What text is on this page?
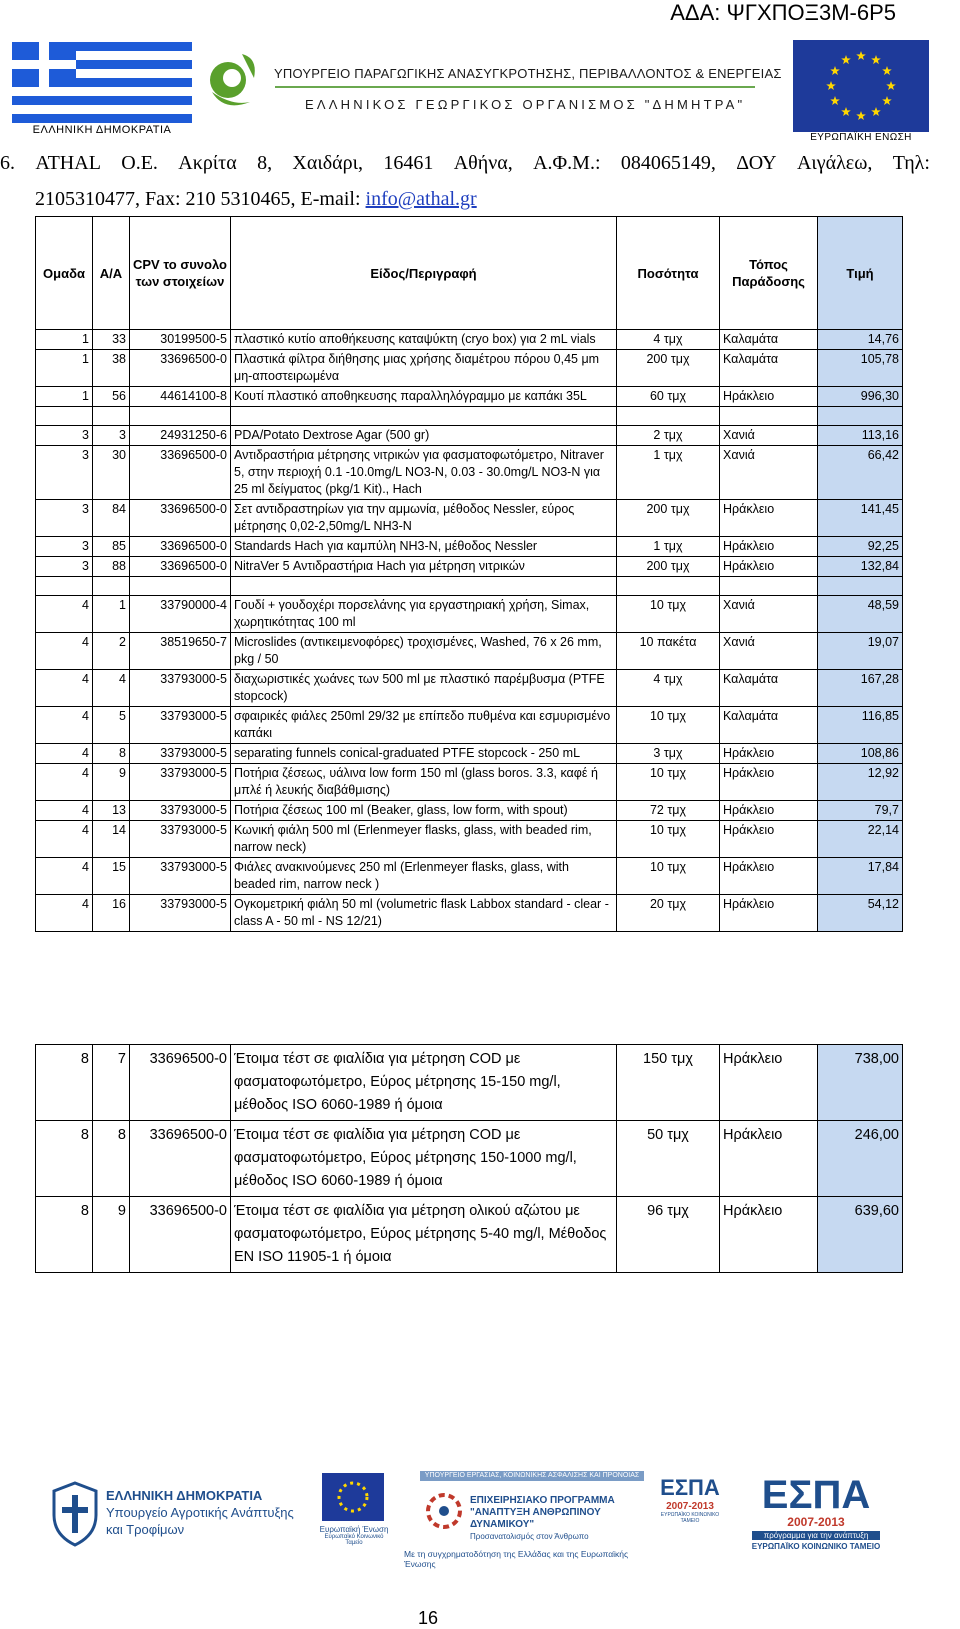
ΑΔΑ: ΨΓΧΠΟΞ3Μ-6Ρ5
ΕΛΛΗΝΙΚΗ ΔΗΜΟΚΡΑΤΙΑ
ΥΠΟΥΡΓΕΙΟ ΠΑΡΑΓΩΓΙΚΗΣ ΑΝΑΣΥΓΚΡΟΤΗΣΗΣ, ΠΕΡΙΒΑΛΛΟΝΤΟΣ & ΕΝΕΡΓΕΙΑΣ
ΕΛΛΗΝΙΚΟΣ ΓΕΩΡΓΙΚΟΣ ΟΡΓΑΝΙΣΜΟΣ "ΔΗΜΗΤΡΑ"
ΕΥΡΩΠΑΪΚΗ ΕΝΩΣΗ
6. ATHAL O.E. Ακρίτα 8, Χαιδάρι, 16461 Αθήνα, Α.Φ.Μ.: 084065149, ΔΟΥ Αιγάλεω, Τηλ:
2105310477, Fax: 210 5310465, E-mail: info@athal.gr
Ομαδα	Α/Α	CPV το συνολο των στοιχείων	Είδος/Περιγραφή	Ποσότητα	Τόπος Παράδοσης	Τιμή
1	33	30199500-5	πλαστικό κυτίο αποθήκευσης καταψύκτη (cryo box) για 2 mL vials	4 τμχ	Καλαμάτα	14,76
1	38	33696500-0	Πλαστικά φίλτρα διήθησης μιας χρήσης διαμέτρου πόρου 0,45 μm μη-αποστειρωμένα	200 τμχ	Καλαμάτα	105,78
1	56	44614100-8	Κουτί πλαστικό αποθηκευσης παραλληλόγραμμο με καπάκι 35L	60 τμχ	Ηράκλειο	996,30

3	3	24931250-6	PDA/Potato Dextrose Agar (500 gr)	2 τμχ	Χανιά	113,16
3	30	33696500-0	Αντιδραστήρια μέτρησης νιτρικών για φασματοφωτόμετρο, Nitraver 5, στην περιοχή 0.1 -10.0mg/L NO3-N, 0.03 - 30.0mg/L NO3-N για 25 ml δείγματος (pkg/1 Kit)., Hach	1 τμχ	Χανιά	66,42
3	84	33696500-0	Σετ αντιδραστηρίων για την αμμωνία, μέθοδος Nessler, εύρος μέτρησης 0,02-2,50mg/L NH3-N	200 τμχ	Ηράκλειο	141,45
3	85	33696500-0	Standards Hach για καμπύλη NH3-N, μέθοδος Nessler	1 τμχ	Ηράκλειο	92,25
3	88	33696500-0	NitraVer 5 Αντιδραστήρια Hach για μέτρηση νιτρικών	200 τμχ	Ηράκλειο	132,84

4	1	33790000-4	Γουδί + γουδοχέρι πορσελάνης για εργαστηριακή χρήση, Simax, χωρητικότητας 100 ml	10 τμχ	Χανιά	48,59
4	2	38519650-7	Microslides (αντικειμενοφόρες) τροχισμένες, Washed, 76 x 26 mm, pkg / 50	10 πακέτα	Χανιά	19,07
4	4	33793000-5	διαχωριστικές χωάνες των 500 ml με πλαστικό παρέμβυσμα (PTFE stopcock)	4 τμχ	Καλαμάτα	167,28
4	5	33793000-5	σφαιρικές φιάλες 250ml 29/32 με επίπεδο πυθμένα και εσμυρισμένο καπάκι	10 τμχ	Καλαμάτα	116,85
4	8	33793000-5	separating funnels conical-graduated PTFE stopcock - 250 mL	3 τμχ	Ηράκλειο	108,86
4	9	33793000-5	Ποτήρια ζέσεως, υάλινα low form 150 ml (glass boros. 3.3, καφέ ή μπλέ ή λευκής διαβάθμισης)	10 τμχ	Ηράκλειο	12,92
4	13	33793000-5	Ποτήρια ζέσεως 100 ml (Beaker, glass, low form, with spout)	72 τμχ	Ηράκλειο	79,7
4	14	33793000-5	Κωνική φιάλη 500 ml (Erlenmeyer flasks, glass, with beaded rim, narrow neck)	10 τμχ	Ηράκλειο	22,14
4	15	33793000-5	Φιάλες ανακινούμενες 250 ml (Erlenmeyer flasks, glass, with beaded rim, narrow neck )	10 τμχ	Ηράκλειο	17,84
4	16	33793000-5	Ογκομετρική φιάλη 50 ml (volumetric flask Labbox standard - clear - class A - 50 ml - NS 12/21)	20 τμχ	Ηράκλειο	54,12
8	7	33696500-0	Έτοιμα τέστ σε φιαλίδια για μέτρηση COD με φασματοφωτόμετρο, Εύρος μέτρησης 15-150 mg/l, μέθοδος ISO 6060-1989 ή όμοια	150 τμχ	Ηράκλειο	738,00
8	8	33696500-0	Έτοιμα τέστ σε φιαλίδια για μέτρηση COD με φασματοφωτόμετρο, Εύρος μέτρησης 150-1000 mg/l, μέθοδος ISO 6060-1989 ή όμοια	50 τμχ	Ηράκλειο	246,00
8	9	33696500-0	Έτοιμα τέστ σε φιαλίδια για μέτρηση ολικού αζώτου με φασματοφωτόμετρο, Εύρος μέτρησης 5-40 mg/l, Μέθοδος EN ISO 11905-1 ή όμοια	96 τμχ	Ηράκλειο	639,60
ΕΛΛΗΝΙΚΗ ΔΗΜΟΚΡΑΤΙΑ
Υπουργείο Αγροτικής Ανάπτυξης
και Τροφίμων	Ευρωπαϊκή Ένωση
Ευρωπαϊκό Κοινωνικό Ταμείο
ΥΠΟΥΡΓΕΙΟ ΕΡΓΑΣΙΑΣ, ΚΟΙΝΩΝΙΚΗΣ ΑΣΦΑΛΙΣΗΣ ΚΑΙ ΠΡΟΝΟΙΑΣ
ΕΠΙΧΕΙΡΗΣΙΑΚΟ ΠΡΟΓΡΑΜΜΑ
"ΑΝΑΠΤΥΞΗ ΑΝΘΡΩΠΙΝΟΥ ΔΥΝΑΜΙΚΟΥ"
Προσανατολισμός στον Άνθρωπο
Με τη συγχρηματοδότηση της Ελλάδας και της Ευρωπαϊκής Ένωσης
ΕΣΠΑ
2007-2013
ΕΥΡΩΠΑΪΚΟ ΚΟΙΝΩΝΙΚΟ ΤΑΜΕΙΟ
ΕΣΠΑ
2007-2013
πρόγραμμα για την ανάπτυξη
ΕΥΡΩΠΑΪΚΟ ΚΟΙΝΩΝΙΚΟ ΤΑΜΕΙΟ
16
